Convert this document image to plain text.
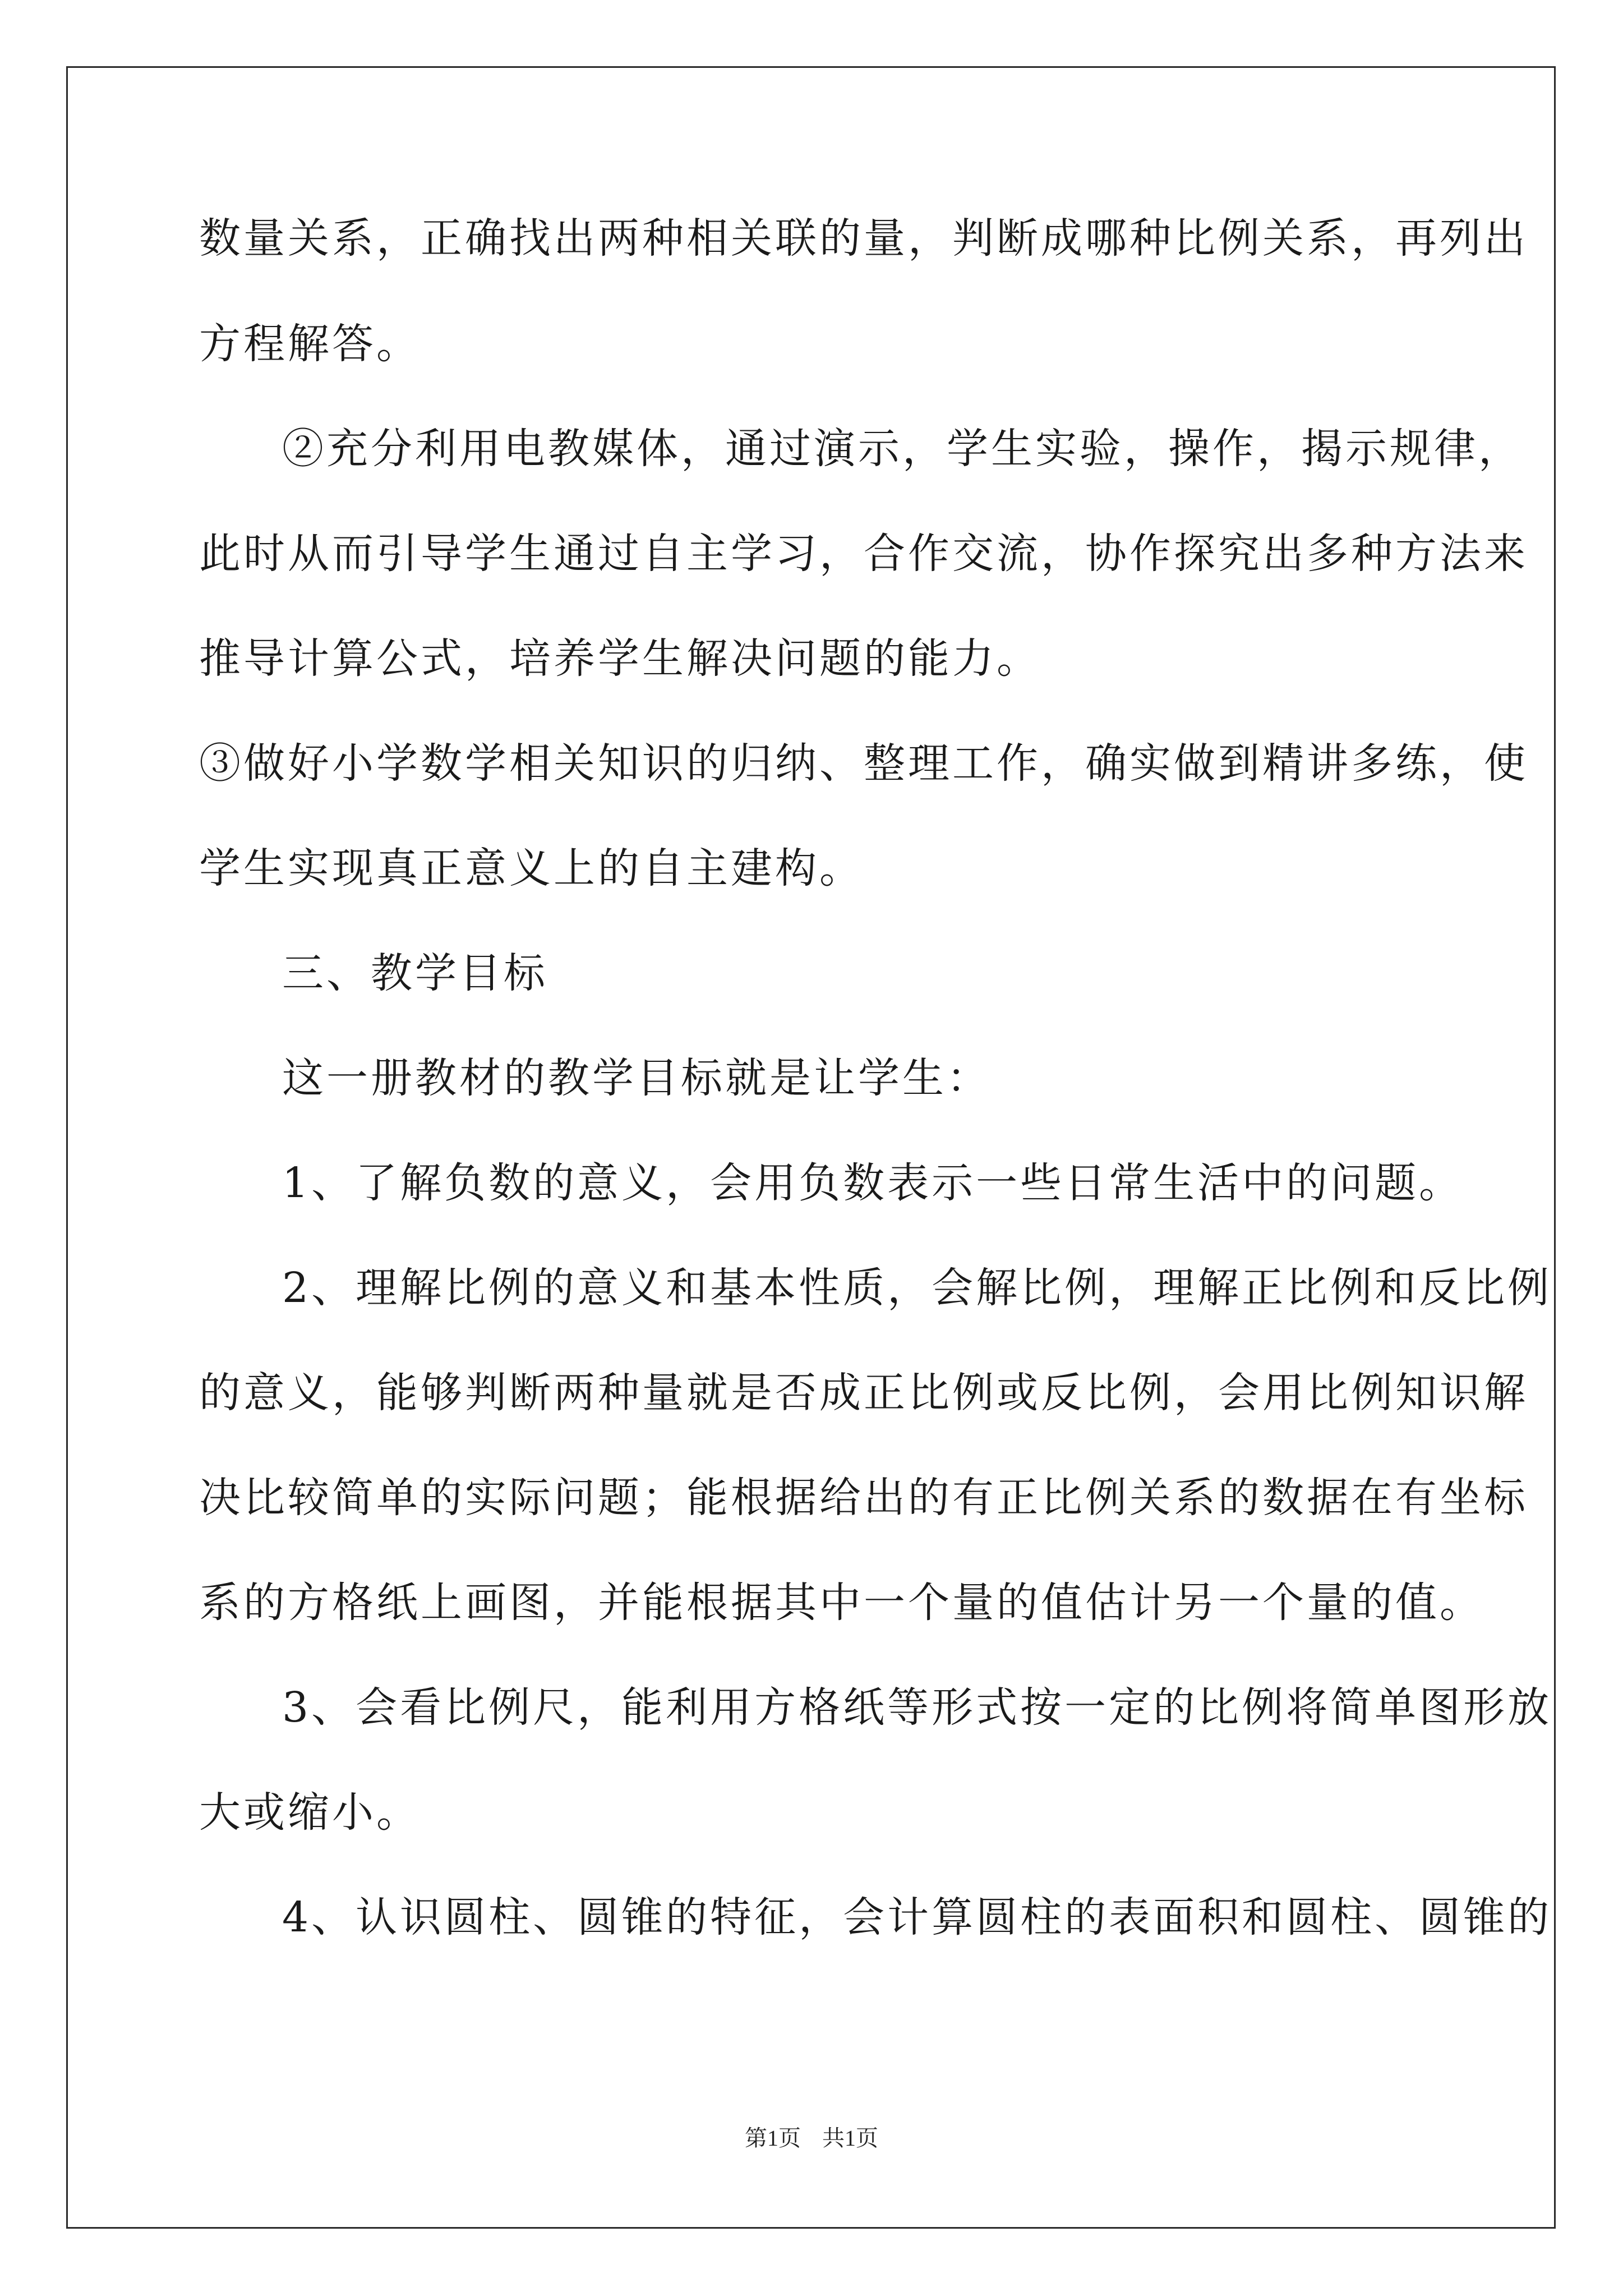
数量关系，正确找出两种相关联的量，判断成哪种比例关系，再列出
方程解答。
②充分利用电教媒体，通过演示，学生实验，操作，揭示规律，
此时从而引导学生通过自主学习，合作交流，协作探究出多种方法来
推导计算公式，培养学生解决问题的能力。
③做好小学数学相关知识的归纳、整理工作，确实做到精讲多练，使
学生实现真正意义上的自主建构。
三、教学目标
这一册教材的教学目标就是让学生：
1、了解负数的意义，会用负数表示一些日常生活中的问题。
2、理解比例的意义和基本性质，会解比例，理解正比例和反比例
的意义，能够判断两种量就是否成正比例或反比例，会用比例知识解
决比较简单的实际问题；能根据给出的有正比例关系的数据在有坐标
系的方格纸上画图，并能根据其中一个量的值估计另一个量的值。
3、会看比例尺，能利用方格纸等形式按一定的比例将简单图形放
大或缩小。
4、认识圆柱、圆锥的特征，会计算圆柱的表面积和圆柱、圆锥的
第1页 共1页
